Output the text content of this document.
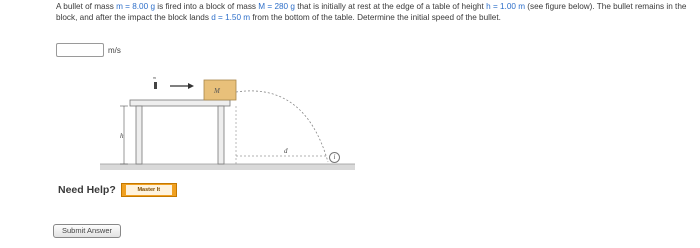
A bullet of mass m = 8.00 g is fired into a block of mass M = 280 g that is initially at rest at the edge of a table of height h = 1.00 m (see figure below). The bullet remains in the block, and after the impact the block lands d = 1.50 m from the bottom of the table. Determine the initial speed of the bullet.
m/s
h
M
m
d
i
Need Help?	Master It
Submit Answer
